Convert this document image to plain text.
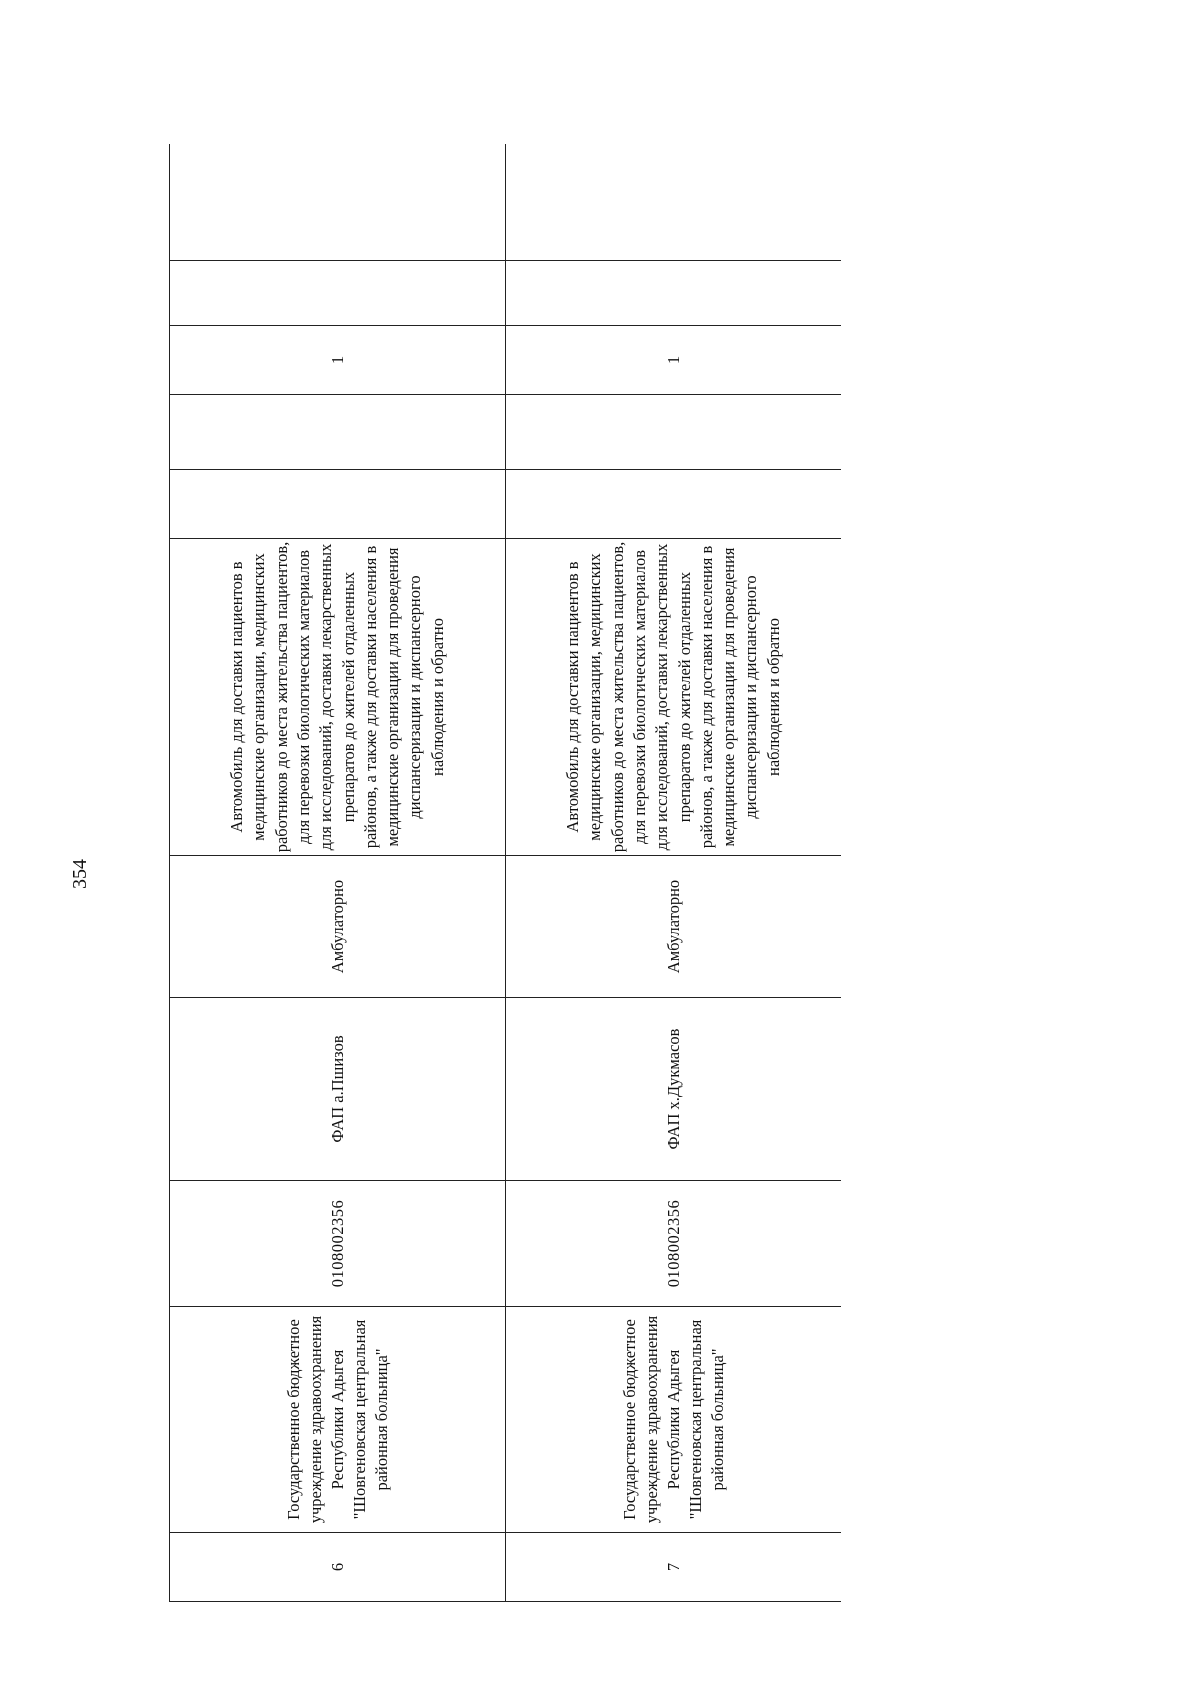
354
6	Государственное бюджетное учреждение здравоохранения Республики Адыгея "Шовгеновская центральная районная больница"	0108002356	ФАП а.Пшизов	Амбулаторно	Автомобиль для доставки пациентов в медицинские организации, медицинских работников до места жительства пациентов, для перевозки биологических материалов для исследований, доставки лекарственных препаратов до жителей отдаленных районов, а также для доставки населения в медицинские организации для проведения диспансеризации и диспансерного наблюдения и обратно			1		
7	Государственное бюджетное учреждение здравоохранения Республики Адыгея "Шовгеновская центральная районная больница"	0108002356	ФАП х.Дукмасов	Амбулаторно	Автомобиль для доставки пациентов в медицинские организации, медицинских работников до места жительства пациентов, для перевозки биологических материалов для исследований, доставки лекарственных препаратов до жителей отдаленных районов, а также для доставки населения в медицинские организации для проведения диспансеризации и диспансерного наблюдения и обратно			1		
